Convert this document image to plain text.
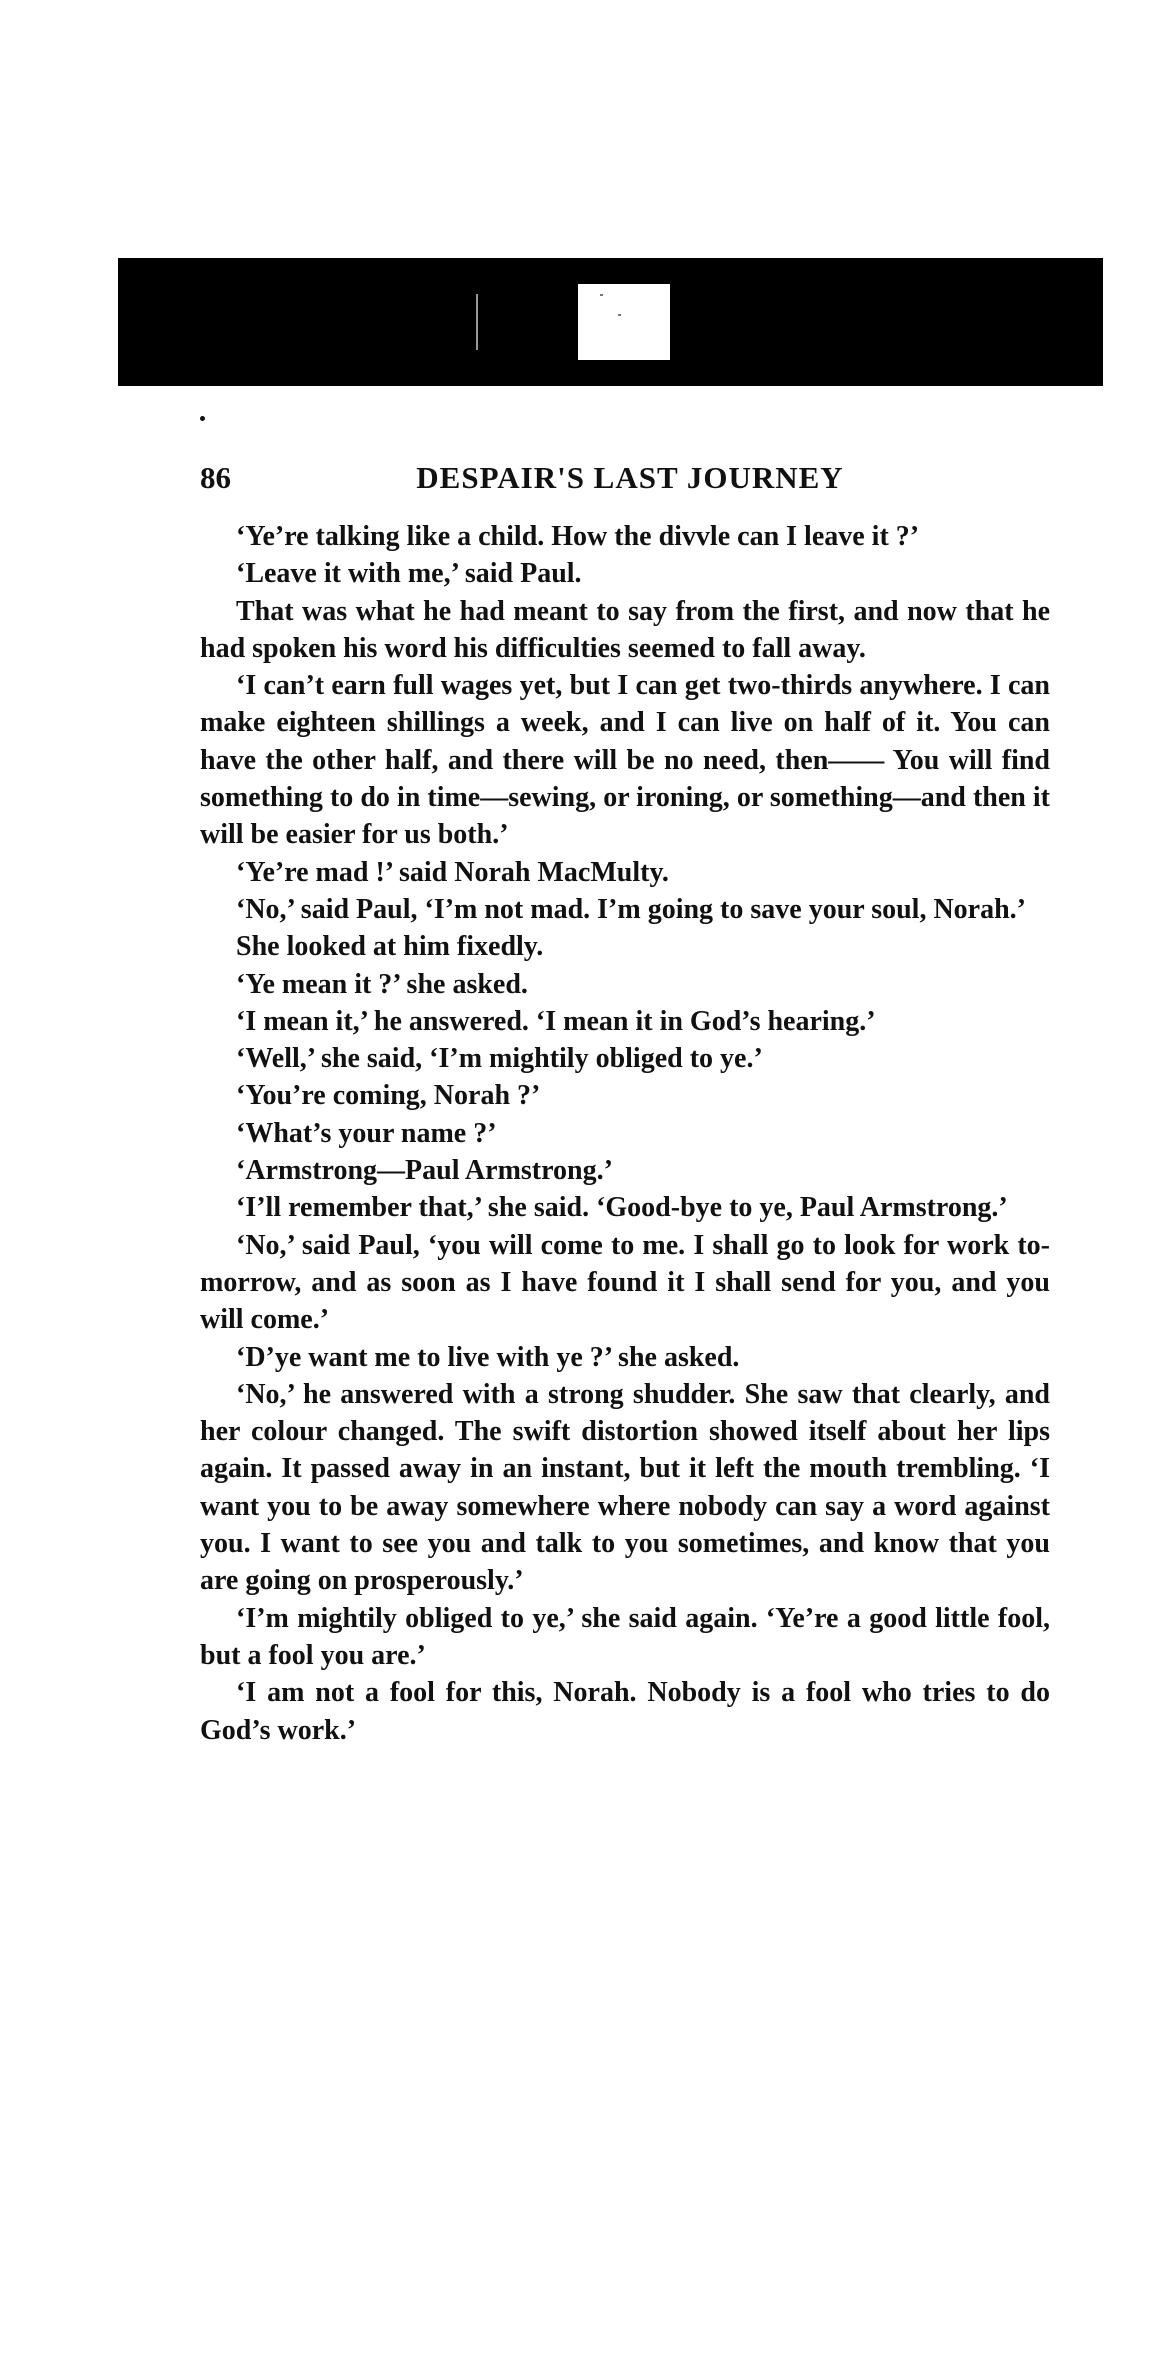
86	DESPAIR'S LAST JOURNEY

‘Ye’re talking like a child. How the divvle can I leave it ?’

‘Leave it with me,’ said Paul.

That was what he had meant to say from the first, and now that he had spoken his word his difficulties seemed to fall away.

‘I can’t earn full wages yet, but I can get two-thirds anywhere. I can make eighteen shillings a week, and I can live on half of it. You can have the other half, and there will be no need, then—— You will find something to do in time—sewing, or ironing, or something—and then it will be easier for us both.’

‘Ye’re mad !’ said Norah MacMulty.

‘No,’ said Paul, ‘I’m not mad. I’m going to save your soul, Norah.’

She looked at him fixedly.

‘Ye mean it ?’ she asked.

‘I mean it,’ he answered. ‘I mean it in God’s hearing.’

‘Well,’ she said, ‘I’m mightily obliged to ye.’

‘You’re coming, Norah ?’

‘What’s your name ?’

‘Armstrong—Paul Armstrong.’

‘I’ll remember that,’ she said. ‘Good-bye to ye, Paul Armstrong.’

‘No,’ said Paul, ‘you will come to me. I shall go to look for work to-morrow, and as soon as I have found it I shall send for you, and you will come.’

‘D’ye want me to live with ye ?’ she asked.

‘No,’ he answered with a strong shudder. She saw that clearly, and her colour changed. The swift distortion showed itself about her lips again. It passed away in an instant, but it left the mouth trembling. ‘I want you to be away somewhere where nobody can say a word against you. I want to see you and talk to you sometimes, and know that you are going on prosperously.’

‘I’m mightily obliged to ye,’ she said again. ‘Ye’re a good little fool, but a fool you are.’

‘I am not a fool for this, Norah. Nobody is a fool who tries to do God’s work.’
